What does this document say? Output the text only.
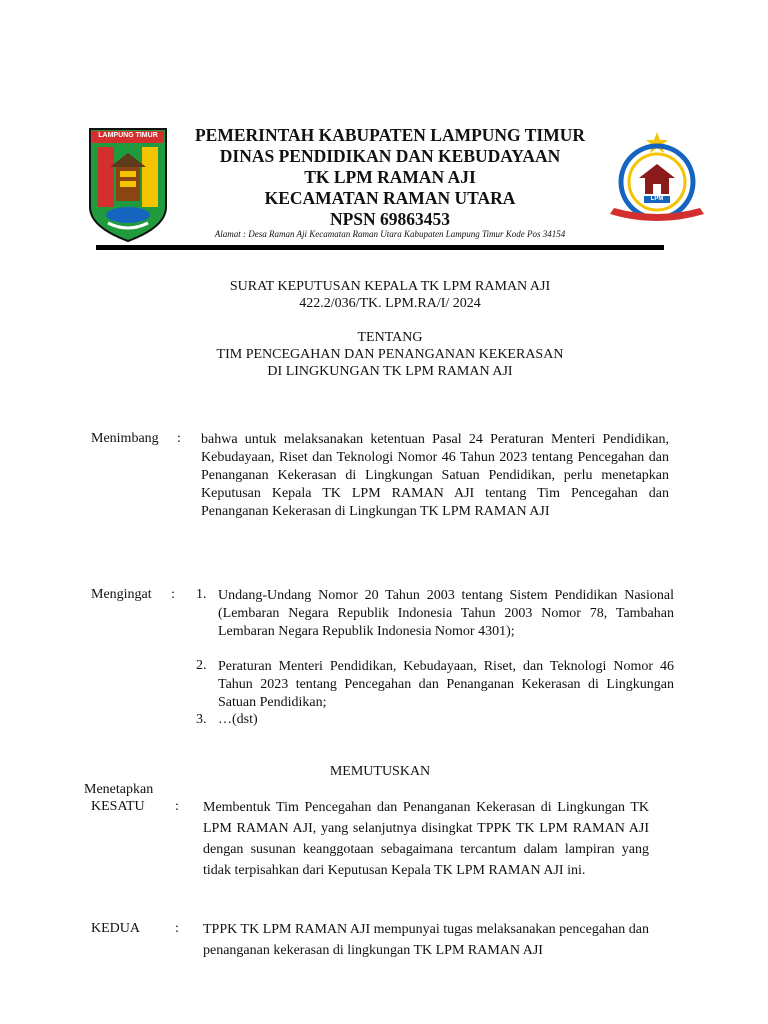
LAMPUNG TIMUR
LPM

PEMERINTAH KABUPATEN LAMPUNG TIMUR

DINAS PENDIDIKAN DAN KEBUDAYAAN

TK LPM RAMAN AJI

KECAMATAN RAMAN UTARA

NPSN 69863453

Alamat : Desa Raman Aji Kecamatan Raman Utara Kabupaten Lampung Timur Kode Pos 34154
SURAT KEPUTUSAN KEPALA TK LPM RAMAN AJI
422.2/036/TK. LPM.RA/I/ 2024
TENTANG
TIM PENCEGAHAN DAN PENANGANAN KEKERASAN
DI LINGKUNGAN TK LPM RAMAN AJI
Menimbang : bahwa untuk melaksanakan ketentuan Pasal 24 Peraturan Menteri Pendidikan, Kebudayaan, Riset dan Teknologi Nomor 46 Tahun 2023 tentang Pencegahan dan Penanganan Kekerasan di Lingkungan Satuan Pendidikan, perlu menetapkan Keputusan Kepala TK LPM RAMAN AJI tentang Tim Pencegahan dan Penanganan Kekerasan di Lingkungan TK LPM RAMAN AJI
Mengingat : 1. Undang-Undang Nomor 20 Tahun 2003 tentang Sistem Pendidikan Nasional (Lembaran Negara Republik Indonesia Tahun 2003 Nomor 78, Tambahan Lembaran Negara Republik Indonesia Nomor 4301);
2. Peraturan Menteri Pendidikan, Kebudayaan, Riset, dan Teknologi Nomor 46 Tahun 2023 tentang Pencegahan dan Penanganan Kekerasan di Lingkungan Satuan Pendidikan;
3. …(dst)
MEMUTUSKAN
Menetapkan
KESATU : Membentuk Tim Pencegahan dan Penanganan Kekerasan di Lingkungan TK LPM RAMAN AJI, yang selanjutnya disingkat TPPK TK LPM RAMAN AJI dengan susunan keanggotaan sebagaimana tercantum dalam lampiran yang tidak terpisahkan dari Keputusan Kepala TK LPM RAMAN AJI ini.
KEDUA	: TPPK TK LPM RAMAN AJI mempunyai tugas melaksanakan pencegahan dan penanganan kekerasan di lingkungan TK LPM RAMAN AJI
